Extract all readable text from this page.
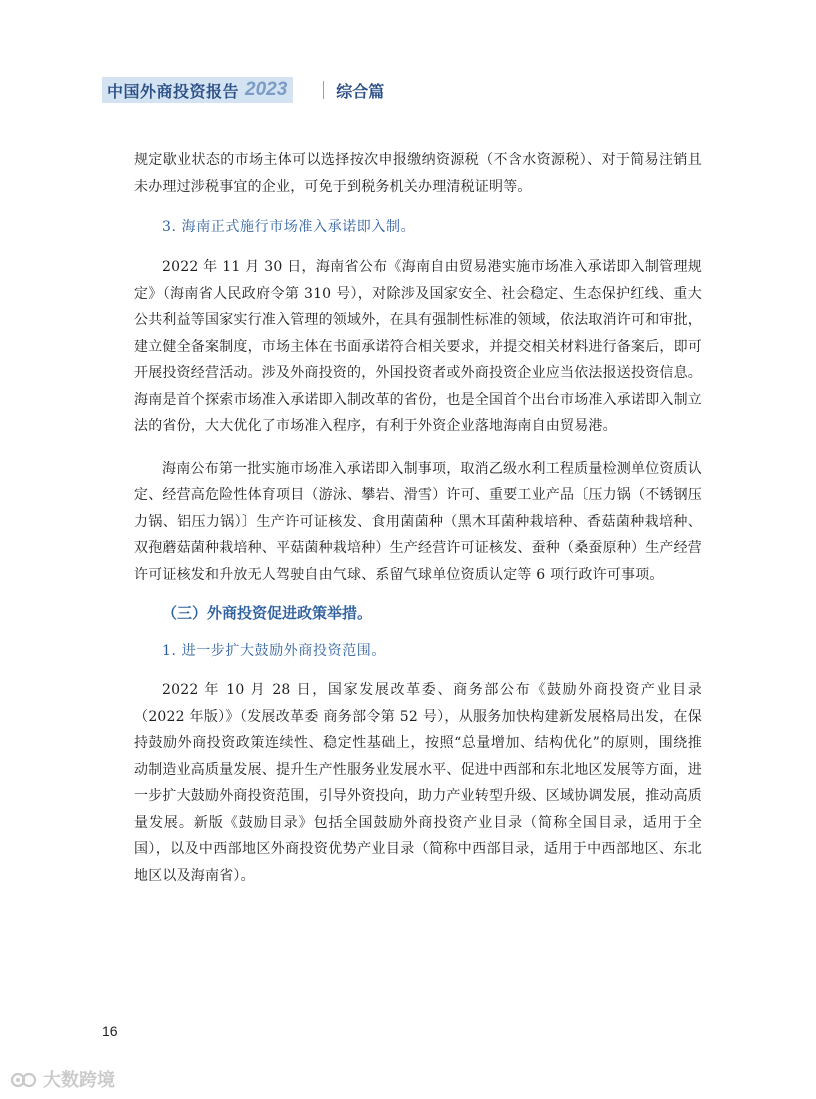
中国外商投资报告 2023	综合篇

规定歇业状态的市场主体可以选择按次申报缴纳资源税（不含水资源税）、对于简易注销且未办理过涉税事宜的企业，可免于到税务机关办理清税证明等。

3. 海南正式施行市场准入承诺即入制。

2022 年 11 月 30 日，海南省公布《海南自由贸易港实施市场准入承诺即入制管理规定》（海南省人民政府令第 310 号），对除涉及国家安全、社会稳定、生态保护红线、重大公共利益等国家实行准入管理的领域外，在具有强制性标准的领域，依法取消许可和审批，建立健全备案制度，市场主体在书面承诺符合相关要求，并提交相关材料进行备案后，即可开展投资经营活动。涉及外商投资的，外国投资者或外商投资企业应当依法报送投资信息。海南是首个探索市场准入承诺即入制改革的省份，也是全国首个出台市场准入承诺即入制立法的省份，大大优化了市场准入程序，有利于外资企业落地海南自由贸易港。

海南公布第一批实施市场准入承诺即入制事项，取消乙级水利工程质量检测单位资质认定、经营高危险性体育项目（游泳、攀岩、滑雪）许可、重要工业产品〔压力锅（不锈钢压力锅、铝压力锅）〕生产许可证核发、食用菌菌种（黑木耳菌种栽培种、香菇菌种栽培种、双孢蘑菇菌种栽培种、平菇菌种栽培种）生产经营许可证核发、蚕种（桑蚕原种）生产经营许可证核发和升放无人驾驶自由气球、系留气球单位资质认定等 6 项行政许可事项。

（三）外商投资促进政策举措。

1. 进一步扩大鼓励外商投资范围。

2022 年 10 月 28 日，国家发展改革委、商务部公布《鼓励外商投资产业目录（2022 年版）》（发展改革委 商务部令第 52 号），从服务加快构建新发展格局出发，在保持鼓励外商投资政策连续性、稳定性基础上，按照“总量增加、结构优化”的原则，围绕推动制造业高质量发展、提升生产性服务业发展水平、促进中西部和东北地区发展等方面，进一步扩大鼓励外商投资范围，引导外资投向，助力产业转型升级、区域协调发展，推动高质量发展。新版《鼓励目录》包括全国鼓励外商投资产业目录（简称全国目录，适用于全国），以及中西部地区外商投资优势产业目录（简称中西部目录，适用于中西部地区、东北地区以及海南省）。

16
大数跨境
